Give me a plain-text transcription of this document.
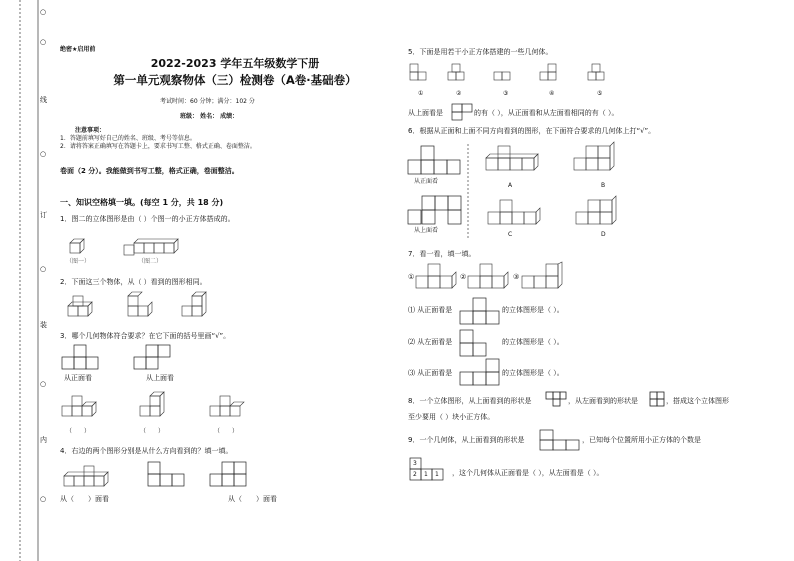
○
○
线
○
订
○
装
○
内
○
绝密★启用前
2022-2023 学年五年级数学下册
第一单元观察物体（三）检测卷（A卷·基础卷）
考试时间：60 分钟；满分：102 分
班级： 姓名： 成绩：
注意事项：
1．答题前填写好自己的姓名、班级、考号等信息。
2．请将答案正确填写在答题卡上，要求书写工整、格式正确、卷面整洁。
卷面（2 分）。我能做到书写工整，格式正确，卷面整洁。
一、知识空格填一填。(每空 1 分，共 18 分)
1．图二的立体图形是由（ ）个图一的小正方体搭成的。
（图一）	（图二）
2．下面这三个物体，从（ ）看到的图形相同。
3．哪个几何物体符合要求？在它下面的括号里画“√”。
从正面看	从上面看
（　　）	（　　）	（　　）
4．右边的两个图形分别是从什么方向看到的？填一填。
从（　　）面看	从（　　）面看
5．下面是用若干小正方体搭建的一些几何体。
①	②	③	④	⑤
从上面看是	的有（ ），从正面看和从左面看相同的有（ ）。
6．根据从正面和上面不同方向看到的图形，在下面符合要求的几何体上打“√”。
从正面看
从上面看
A	B
C	D
7．看一看，填一填。
①	②	③
⑴ 从正面看是	的立体图形是（ ）。
⑵ 从左面看是	的立体图形是（ ）。
⑶ 从正面看是	的立体图形是（ ）。
8．一个立体图形，从上面看到的形状是	，从左面看到的形状是	，搭成这个立体图形
至少要用（ ）块小正方体。
9．一个几何体，从上面看到的形状是	，已知每个位置所用小正方体的个数是
3
2 1 1 ，这个几何体从正面看是（ ），从左面看是（ ）。
